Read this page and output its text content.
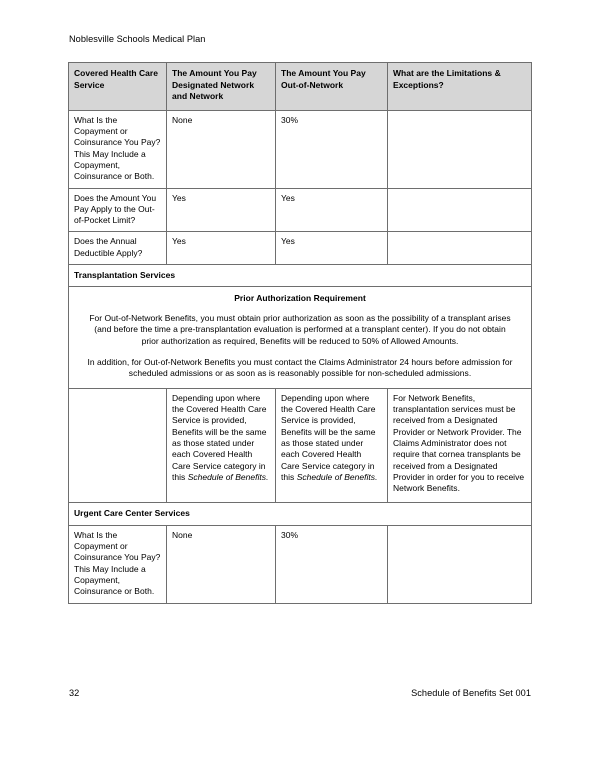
Noblesville Schools Medical Plan
Covered Health Care Service	The Amount You Pay Designated Network and Network	The Amount You Pay Out-of-Network	What are the Limitations & Exceptions?
What Is the Copayment or Coinsurance You Pay? This May Include a Copayment, Coinsurance or Both.	None	30%	
Does the Amount You Pay Apply to the Out-of-Pocket Limit?	Yes	Yes	
Does the Annual Deductible Apply?	Yes	Yes	
Transplantation Services			

Prior Authorization Requirement
For Out-of-Network Benefits, you must obtain prior authorization as soon as the possibility of a transplant arises (and before the time a pre-transplantation evaluation is performed at a transplant center). If you do not obtain prior authorization as required, Benefits will be reduced to 50% of Allowed Amounts.
In addition, for Out-of-Network Benefits you must contact the Claims Administrator 24 hours before admission for scheduled admissions or as soon as is reasonably possible for non-scheduled admissions.			

	Depending upon where the Covered Health Care Service is provided, Benefits will be the same as those stated under each Covered Health Care Service category in this Schedule of Benefits.	Depending upon where the Covered Health Care Service is provided, Benefits will be the same as those stated under each Covered Health Care Service category in this Schedule of Benefits.	For Network Benefits, transplantation services must be received from a Designated Provider or Network Provider. The Claims Administrator does not require that cornea transplants be received from a Designated Provider in order for you to receive Network Benefits.
Urgent Care Center Services			
What Is the Copayment or Coinsurance You Pay? This May Include a Copayment, Coinsurance or Both.	None	30%	
32	Schedule of Benefits Set 001
